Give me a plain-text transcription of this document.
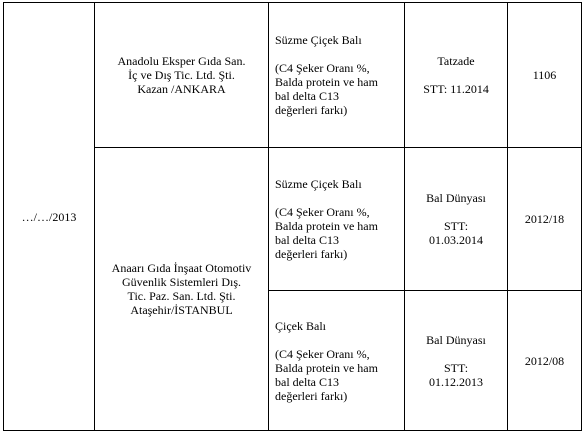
…/…/2013	Anadolu Eksper Gıda San.
İç ve Dış Tic. Ltd. Şti.
Kazan /ANKARA	Süzme Çiçek Balı
(C4 Şeker Oranı %,
Balda protein ve ham
bal delta C13
değerleri farkı)	Tatzade
STT: 11.2014	1106

	Anaarı Gıda İnşaat Otomotiv
Güvenlik Sistemleri Dış.
Tic. Paz. San. Ltd. Şti.
Ataşehir/İSTANBUL	Süzme Çiçek Balı
(C4 Şeker Oranı %,
Balda protein ve ham
bal delta C13
değerleri farkı)	Bal Dünyası
STT:
01.03.2014	2012/18

		Çiçek Balı
(C4 Şeker Oranı %,
Balda protein ve ham
bal delta C13
değerleri farkı)	Bal Dünyası
STT:
01.12.2013	2012/08
